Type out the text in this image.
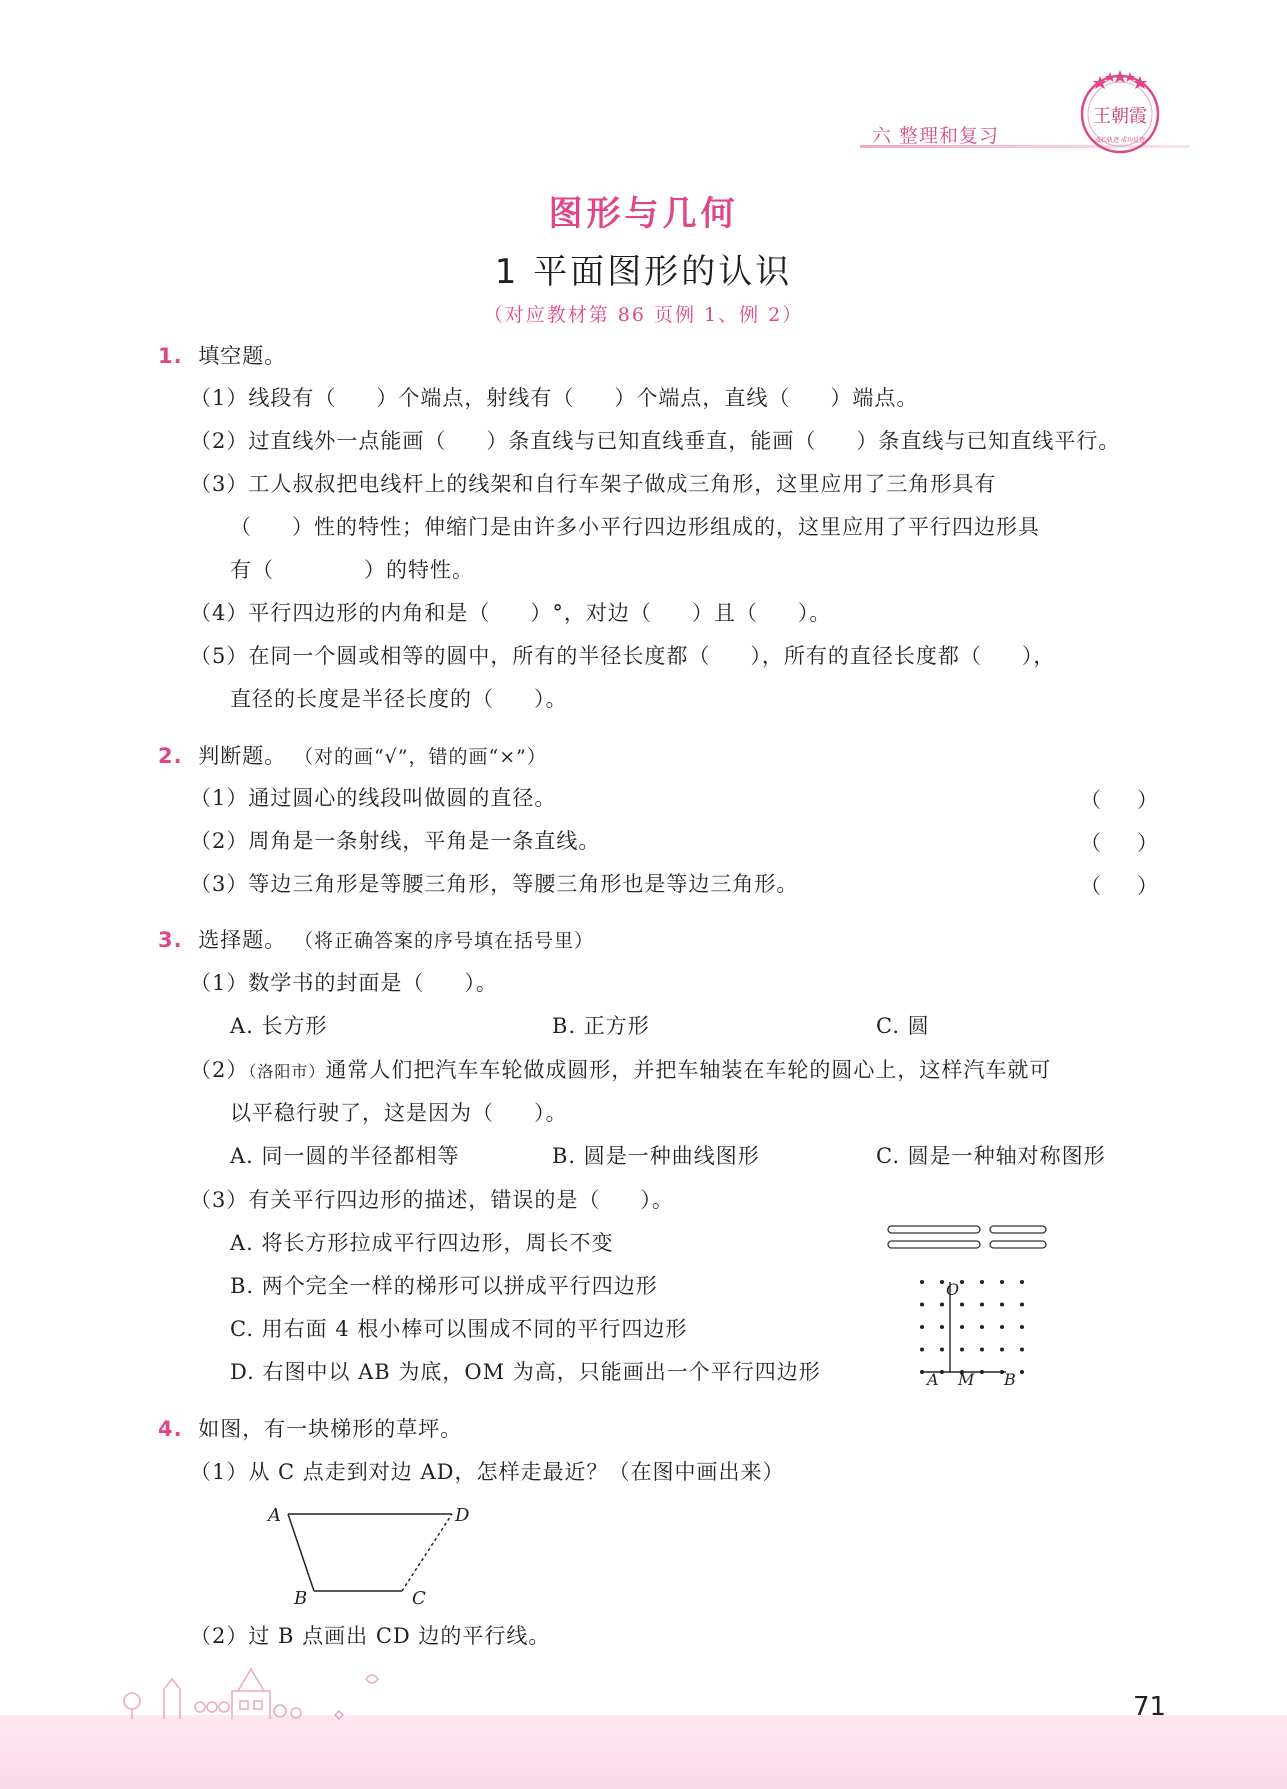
六 整理和复习
王朝霞
成长轨迹 成功足迹
图形与几何
1 平面图形的认识
（对应教材第 86 页例 1、例 2）
1. 填空题。
（1）线段有（ ）个端点，射线有（ ）个端点，直线（ ）端点。
（2）过直线外一点能画（ ）条直线与已知直线垂直，能画（ ）条直线与已知直线平行。
（3）工人叔叔把电线杆上的线架和自行车架子做成三角形，这里应用了三角形具有
（ ）性的特性；伸缩门是由许多小平行四边形组成的，这里应用了平行四边形具
有（	）的特性。
（4）平行四边形的内角和是（ ）°，对边（ ）且（ ）。
（5）在同一个圆或相等的圆中，所有的半径长度都（ ），所有的直径长度都（ ），
直径的长度是半径长度的（ ）。
2. 判断题。 （对的画“√”，错的画“×”）
（1）通过圆心的线段叫做圆的直径。
（2）周角是一条射线，平角是一条直线。
（3）等边三角形是等腰三角形，等腰三角形也是等边三角形。
（ ）
（ ）
（ ）
3. 选择题。 （将正确答案的序号填在括号里）
（1）数学书的封面是（ ）。
A. 长方形	B. 正方形	C. 圆
（2）（洛阳市）通常人们把汽车车轮做成圆形，并把车轴装在车轮的圆心上，这样汽车就可
以平稳行驶了，这是因为（ ）。
A. 同一圆的半径都相等	B. 圆是一种曲线图形	C. 圆是一种轴对称图形
（3）有关平行四边形的描述，错误的是（ ）。
A. 将长方形拉成平行四边形，周长不变
B. 两个完全一样的梯形可以拼成平行四边形
C. 用右面 4 根小棒可以围成不同的平行四边形
D. 右图中以 AB 为底，OM 为高，只能画出一个平行四边形
O
A M B
4. 如图，有一块梯形的草坪。
（1）从 C 点走到对边 AD，怎样走最近？（在图中画出来）
A	D
B	C
（2）过 B 点画出 CD 边的平行线。
71
